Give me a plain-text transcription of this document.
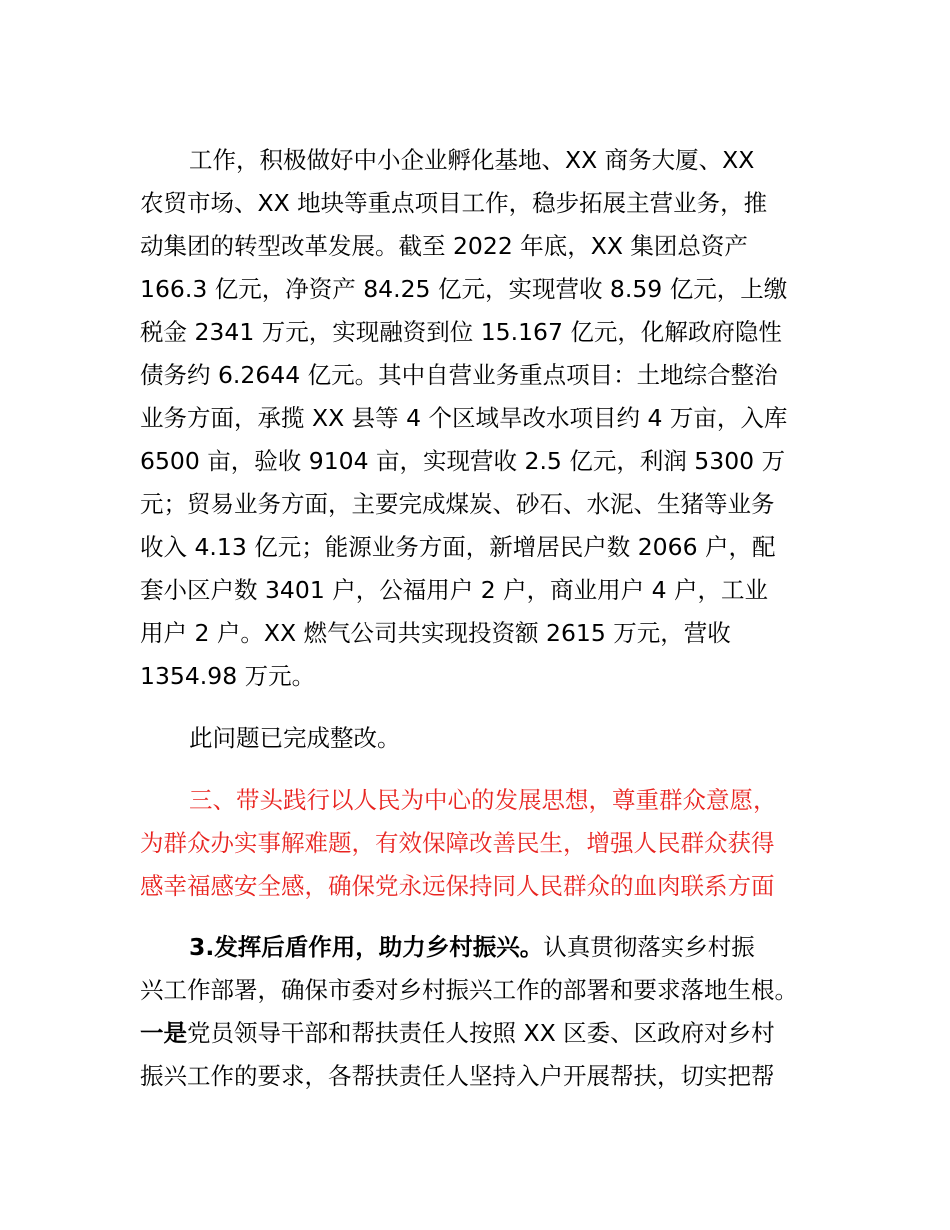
工作，积极做好中小企业孵化基地、XX 商务大厦、XX
农贸市场、XX 地块等重点项目工作，稳步拓展主营业务，推
动集团的转型改革发展。截至 2022 年底，XX 集团总资产
166.3 亿元，净资产 84.25 亿元，实现营收 8.59 亿元，上缴
税金 2341 万元，实现融资到位 15.167 亿元，化解政府隐性
债务约 6.2644 亿元。其中自营业务重点项目：土地综合整治
业务方面，承揽 XX 县等 4 个区域旱改水项目约 4 万亩，入库
6500 亩，验收 9104 亩，实现营收 2.5 亿元，利润 5300 万
元；贸易业务方面，主要完成煤炭、砂石、水泥、生猪等业务
收入 4.13 亿元；能源业务方面，新增居民户数 2066 户，配
套小区户数 3401 户，公福用户 2 户，商业用户 4 户，工业
用户 2 户。XX 燃气公司共实现投资额 2615 万元，营收
1354.98 万元。
此问题已完成整改。
三、带头践行以人民为中心的发展思想，尊重群众意愿，
为群众办实事解难题，有效保障改善民生，增强人民群众获得
感幸福感安全感，确保党永远保持同人民群众的血肉联系方面
3.发挥后盾作用，助力乡村振兴。认真贯彻落实乡村振
兴工作部署，确保市委对乡村振兴工作的部署和要求落地生根。
一是党员领导干部和帮扶责任人按照 XX 区委、区政府对乡村
振兴工作的要求，各帮扶责任人坚持入户开展帮扶，切实把帮
